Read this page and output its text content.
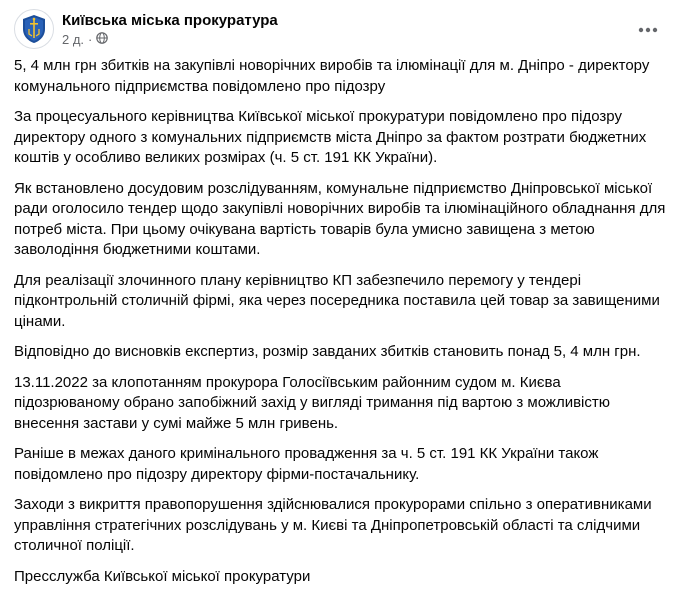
Київська міська прокуратура
2 д. ·

5, 4 млн грн збитків на закупівлі новорічних виробів та ілюмінації для м. Дніпро - директору комунального підприємства повідомлено про підозру

За процесуального керівництва Київської міської прокуратури повідомлено про підозру директору одного з комунальних підприємств міста Дніпро за фактом розтрати бюджетних коштів у особливо великих розмірах (ч. 5 ст. 191 КК України).

Як встановлено досудовим розслідуванням, комунальне підприємство Дніпровської міської ради оголосило тендер щодо закупівлі новорічних виробів та ілюмінаційного обладнання для потреб міста. При цьому очікувана вартість товарів була умисно завищена з метою заволодіння бюджетними коштами.

Для реалізації злочинного плану керівництво КП забезпечило перемогу у тендері підконтрольній столичній фірмі, яка через посередника поставила цей товар за завищеними цінами.

Відповідно до висновків експертиз, розмір завданих збитків становить понад 5, 4 млн грн.

13.11.2022 за клопотанням прокурора Голосіївським районним судом м. Києва підозрюваному обрано запобіжний захід у вигляді тримання під вартою з можливістю внесення застави у сумі майже 5 млн гривень.

Раніше в межах даного кримінального провадження за ч. 5 ст. 191 КК України також повідомлено про підозру директору фірми-постачальнику.

Заходи з викриття правопорушення здійснювалися прокурорами спільно з оперативниками управління стратегічних розслідувань у м. Києві та Дніпропетровській області та слідчими столичної поліції.

Пресслужба Київської міської прокуратури
